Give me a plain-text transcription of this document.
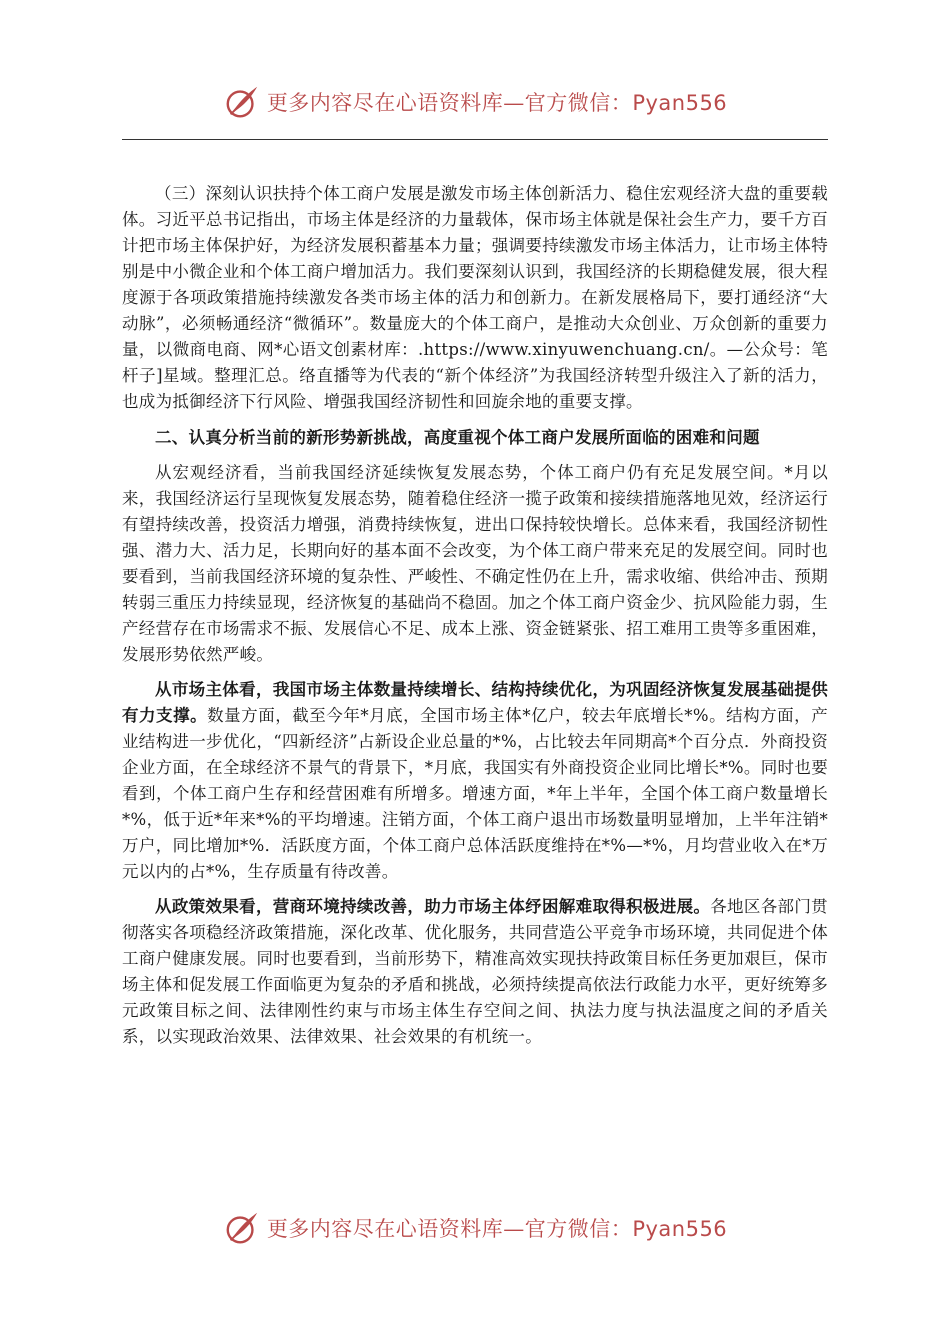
更多内容尽在心语资料库—官方微信：Pyan556

（三）深刻认识扶持个体工商户发展是激发市场主体创新活力、稳住宏观经济大盘的重要载体。习近平总书记指出，市场主体是经济的力量载体，保市场主体就是保社会生产力，要千方百计把市场主体保护好，为经济发展积蓄基本力量；强调要持续激发市场主体活力，让市场主体特别是中小微企业和个体工商户增加活力。我们要深刻认识到，我国经济的长期稳健发展，很大程度源于各项政策措施持续激发各类市场主体的活力和创新力。在新发展格局下，要打通经济“大动脉”，必须畅通经济“微循环”。数量庞大的个体工商户，是推动大众创业、万众创新的重要力量，以微商电商、网*心语文创素材库：.https://www.xinyuwenchuang.cn/。—公众号：笔杆子]星域。整理汇总。络直播等为代表的“新个体经济”为我国经济转型升级注入了新的活力，也成为抵御经济下行风险、增强我国经济韧性和回旋余地的重要支撑。

二、认真分析当前的新形势新挑战，高度重视个体工商户发展所面临的困难和问题

从宏观经济看，当前我国经济延续恢复发展态势，个体工商户仍有充足发展空间。*月以来，我国经济运行呈现恢复发展态势，随着稳住经济一揽子政策和接续措施落地见效，经济运行有望持续改善，投资活力增强，消费持续恢复，进出口保持较快增长。总体来看，我国经济韧性强、潜力大、活力足，长期向好的基本面不会改变，为个体工商户带来充足的发展空间。同时也要看到，当前我国经济环境的复杂性、严峻性、不确定性仍在上升，需求收缩、供给冲击、预期转弱三重压力持续显现，经济恢复的基础尚不稳固。加之个体工商户资金少、抗风险能力弱，生产经营存在市场需求不振、发展信心不足、成本上涨、资金链紧张、招工难用工贵等多重困难，发展形势依然严峻。

从市场主体看，我国市场主体数量持续增长、结构持续优化，为巩固经济恢复发展基础提供有力支撑。数量方面，截至今年*月底，全国市场主体*亿户，较去年底增长*%。结构方面，产业结构进一步优化，“四新经济”占新设企业总量的*%，占比较去年同期高*个百分点．外商投资企业方面，在全球经济不景气的背景下，*月底，我国实有外商投资企业同比增长*%。同时也要看到，个体工商户生存和经营困难有所增多。增速方面，*年上半年，全国个体工商户数量增长*%，低于近*年来*%的平均增速。注销方面，个体工商户退出市场数量明显增加，上半年注销*万户，同比增加*%．活跃度方面，个体工商户总体活跃度维持在*%—*%，月均营业收入在*万元以内的占*%，生存质量有待改善。

从政策效果看，营商环境持续改善，助力市场主体纾困解难取得积极进展。各地区各部门贯彻落实各项稳经济政策措施，深化改革、优化服务，共同营造公平竞争市场环境，共同促进个体工商户健康发展。同时也要看到，当前形势下，精准高效实现扶持政策目标任务更加艰巨，保市场主体和促发展工作面临更为复杂的矛盾和挑战，必须持续提高依法行政能力水平，更好统筹多元政策目标之间、法律刚性约束与市场主体生存空间之间、执法力度与执法温度之间的矛盾关系，以实现政治效果、法律效果、社会效果的有机统一。

更多内容尽在心语资料库—官方微信：Pyan556
